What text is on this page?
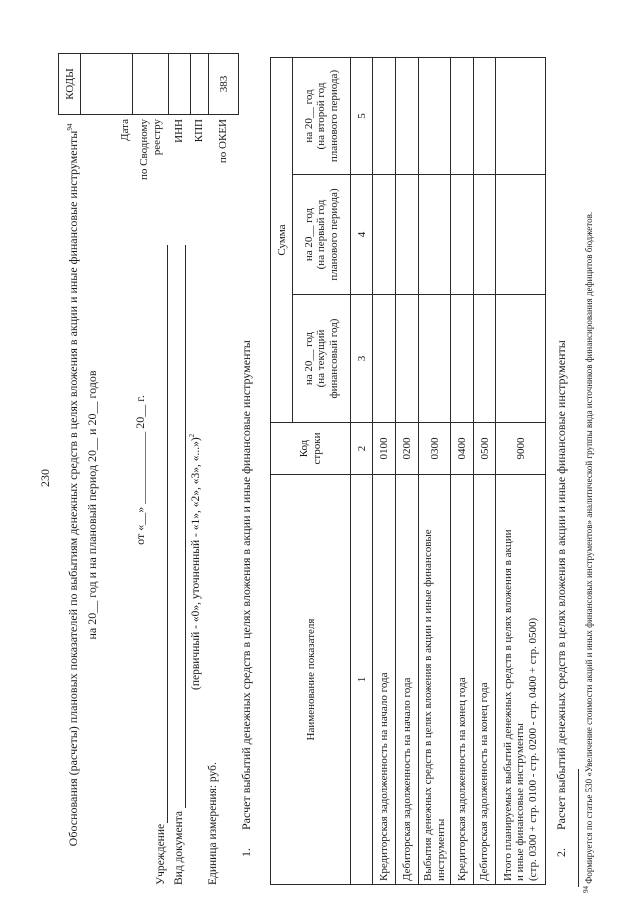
230 Обоснования (расчеты) плановых показателей по выбытиям денежных средств в целях вложения в акции и иные финансовые инструменты$^{94}$
на 20__ год и на плановый период 20__ и 20__ годов	от «__» ____________ 20__ г.
	КОДЫ

Дата	

по Сводному реестру	

ИНН	

КПП	

по ОКЕИ	383
Учреждение Вид документа
(первичный - «0», уточненный - «1», «2», «3», «...»)$^2$
Единица измерения: руб. 1.
Расчет выбытий денежных средств в целях вложения в акции и иные финансовые инструменты	Наименование показателя	Код строки	Сумма		

		на 20__ год (на текущий финансовый год)	на 20__ год (на первый год планового периода)	на 20__ год (на второй год планового периода)

1	2	3	4	5

Кредиторская задолженность на начало года	0100			

Дебиторская задолженность на начало года	0200			

Выбытия денежных средств в целях вложения в акции и иные финансовые инструменты	0300			

Кредиторская задолженность на конец года	0400			

Дебиторская задолженность на конец года	0500			

Итого планируемых выбытий денежных средств в целях вложения в акции и иные финансовые инструменты (стр. 0300 + стр. 0100 - стр. 0200 - стр. 0400 + стр. 0500)	9000			
2.
Расчет выбытий денежных средств в целях вложения в акции и иные финансовые инструменты
$^{94}$ Формируется по статье 530 «Увеличение стоимости акций и иных финансовых инструментов» аналитической группы вида источников финансирования дефицитов бюджетов.
